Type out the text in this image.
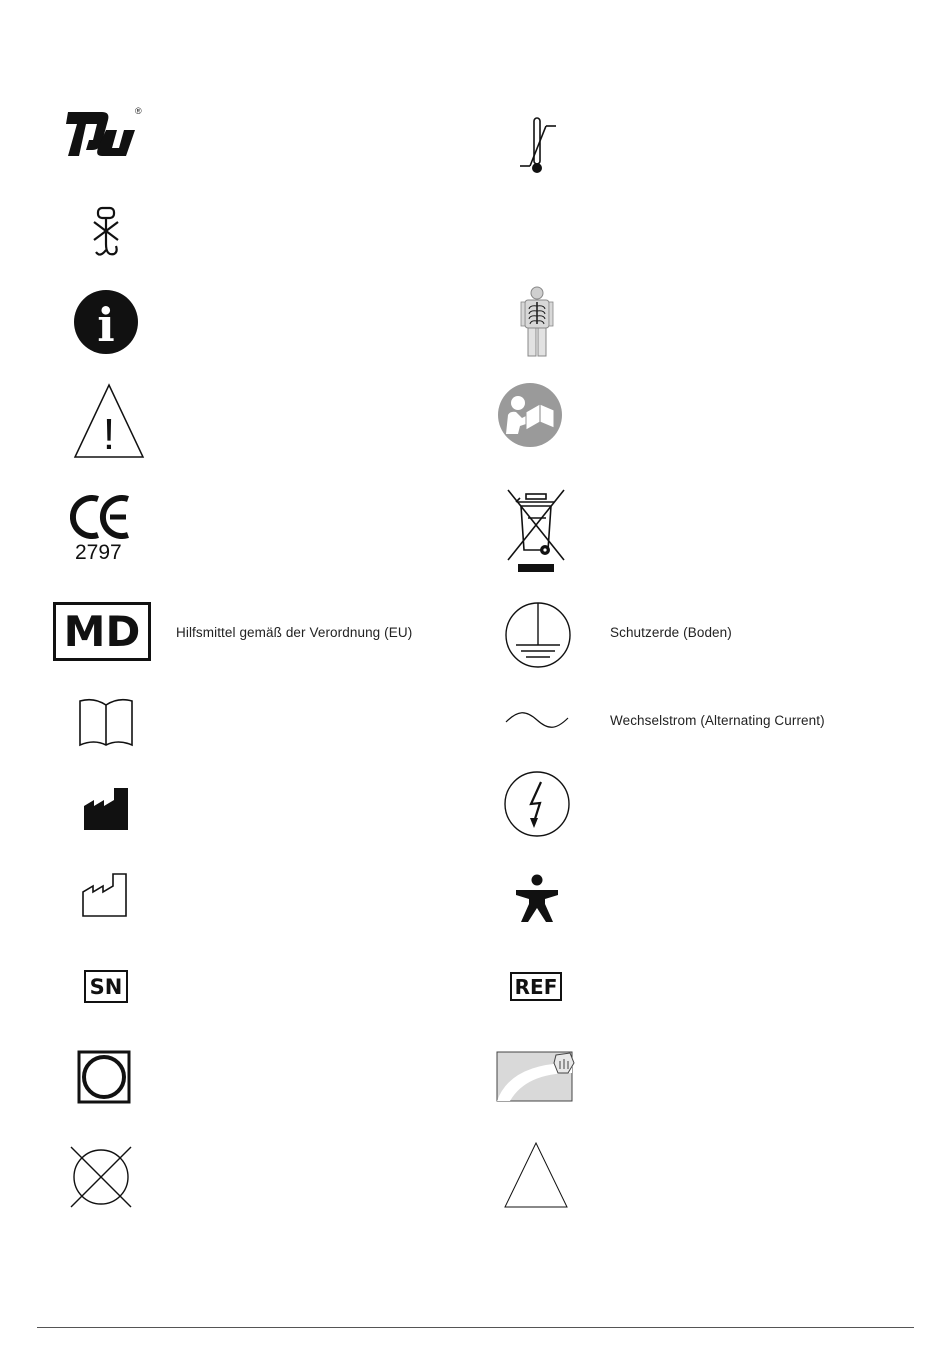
®
i
!
2797
MD	Hilfsmittel gemäß der Verordnung (EU)
SN
Schutzerde (Boden)
Wechselstrom (Alternating Current)
REF
